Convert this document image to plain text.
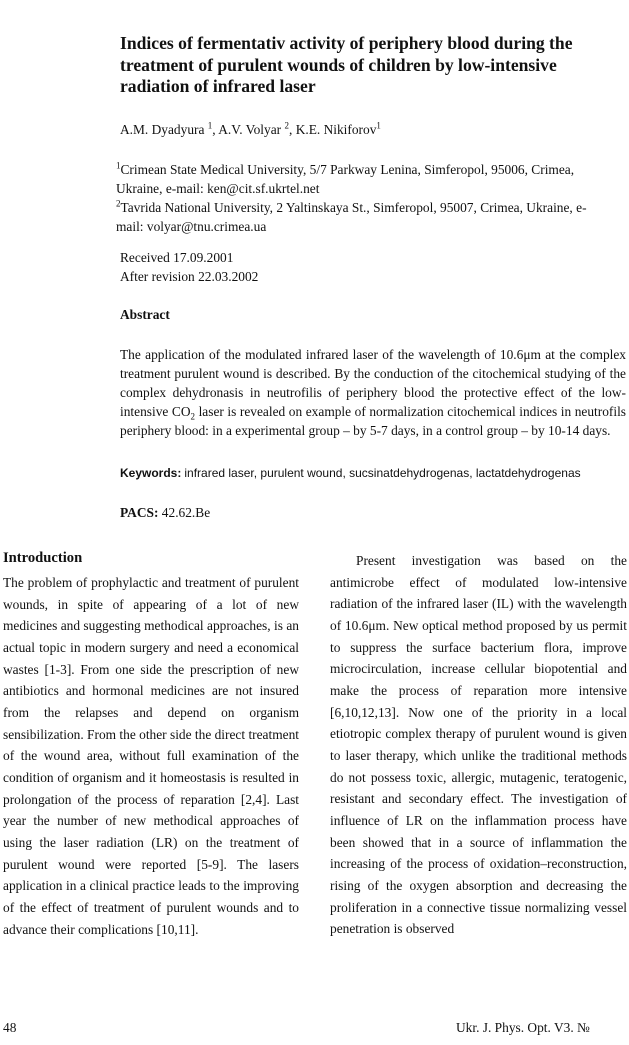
Indices of fermentativ activity of periphery blood during the treatment of purulent wounds of children by low-intensive radiation of infrared laser
A.M. Dyadyura $^1$, A.V. Volyar $^2$, K.E. Nikiforov$^1$
$^1$Crimean State Medical University, 5/7 Parkway Lenina, Simferopol, 95006, Crimea, Ukraine, e-mail: ken@cit.sf.ukrtel.net
$^2$Tavrida National University, 2 Yaltinskaya St., Simferopol, 95007, Crimea, Ukraine, e-mail: volyar@tnu.crimea.ua
Received 17.09.2001
After revision 22.03.2002
Abstract
The application of the modulated infrared laser of the wavelength of 10.6μm at the complex treatment purulent wound is described. By the conduction of the citochemical studying of the complex dehydronasis in neutrofilis of periphery blood the protective effect of the low-intensive $CO_2$ laser is revealed on example of normalization citochemical indices in neutrofils periphery blood: in a experimental group – by 5-7 days, in a control group – by 10-14 days.
Keywords: infrared laser, purulent wound, sucsinatdehydrogenas, lactatdehydrogenas
PACS: 42.62.Be
Introduction
The problem of prophylactic and treatment of purulent wounds, in spite of appearing of a lot of new medicines and suggesting methodical approaches, is an actual topic in modern surgery and need a economical wastes [1-3]. From one side the prescription of new antibiotics and hormonal medicines are not insured from the relapses and depend on organism sensibilization. From the other side the direct treatment of the wound area, without full examination of the condition of organism and it homeostasis is resulted in prolongation of the process of reparation [2,4]. Last year the number of new methodical approaches of using the laser radiation (LR) on the treatment of purulent wound were reported [5-9]. The lasers application in a clinical practice leads to the improving of the effect of treatment of purulent wounds and to advance their complications [10,11].
Present investigation was based on the antimicrobe effect of modulated low-intensive radiation of the infrared laser (IL) with the wavelength of 10.6μm. New optical method proposed by us permit to suppress the surface bacterium flora, improve microcirculation, increase cellular biopotential and make the process of reparation more intensive [6,10,12,13]. Now one of the priority in a local etiotropic complex therapy of purulent wound is given to laser therapy, which unlike the traditional methods do not possess toxic, allergic, mutagenic, teratogenic, resistant and secondary effect. The investigation of influence of LR on the inflammation process have been showed that in a source of inflammation the increasing of the process of oxidation–reconstruction, rising of the oxygen absorption and decreasing the proliferation in a connective tissue normalizing vessel penetration is observed
48	Ukr. J. Phys. Opt. V3. №
